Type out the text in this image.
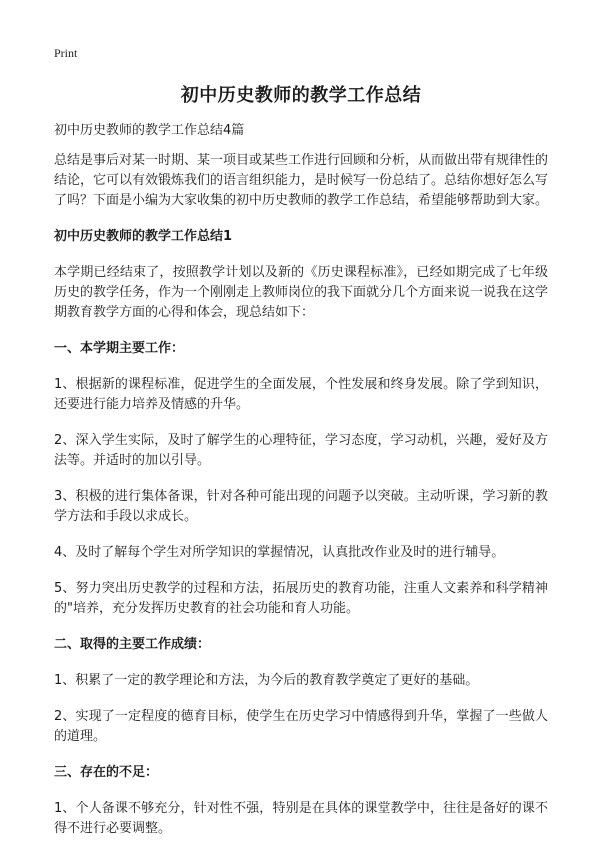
Print
初中历史教师的教学工作总结

初中历史教师的教学工作总结4篇

总结是事后对某一时期、某一项目或某些工作进行回顾和分析，从而做出带有规律性的结论，它可以有效锻炼我们的语言组织能力，是时候写一份总结了。总结你想好怎么写了吗？下面是小编为大家收集的初中历史教师的教学工作总结，希望能够帮助到大家。

初中历史教师的教学工作总结1

本学期已经结束了，按照教学计划以及新的《历史课程标准》，已经如期完成了七年级历史的教学任务，作为一个刚刚走上教师岗位的我下面就分几个方面来说一说我在这学期教育教学方面的心得和体会，现总结如下：

一、本学期主要工作：

1、根据新的课程标准，促进学生的全面发展，个性发展和终身发展。除了学到知识，还要进行能力培养及情感的升华。

2、深入学生实际，及时了解学生的心理特征，学习态度，学习动机，兴趣，爱好及方法等。并适时的加以引导。

3、积极的进行集体备课，针对各种可能出现的问题予以突破。主动听课，学习新的教学方法和手段以求成长。

4、及时了解每个学生对所学知识的掌握情况，认真批改作业及时的进行辅导。

5、努力突出历史教学的过程和方法，拓展历史的教育功能，注重人文素养和科学精神的"培养，充分发挥历史教育的社会功能和育人功能。

二、取得的主要工作成绩：

1、积累了一定的教学理论和方法，为今后的教育教学奠定了更好的基础。

2、实现了一定程度的德育目标，使学生在历史学习中情感得到升华，掌握了一些做人的道理。

三、存在的不足：

1、个人备课不够充分，针对性不强，特别是在具体的课堂教学中，往往是备好的课不得不进行必要调整。
